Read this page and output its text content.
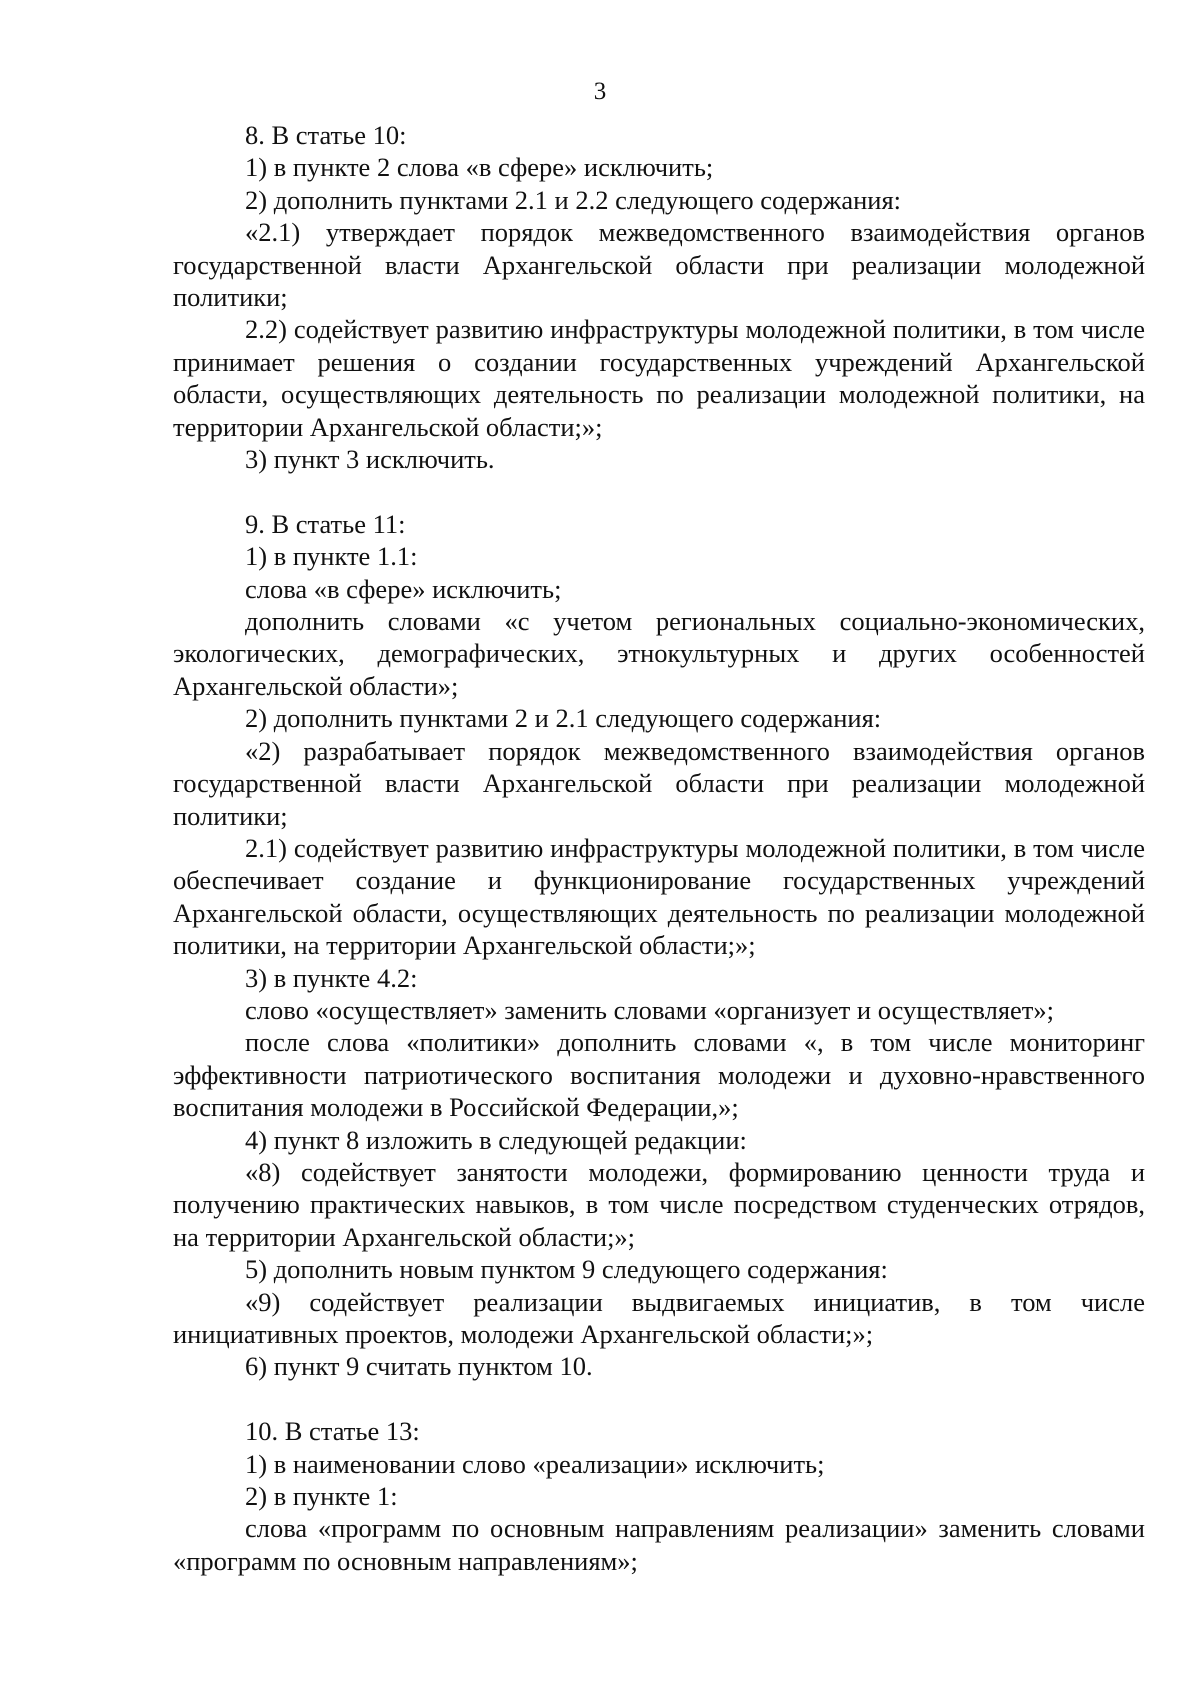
3

8. В статье 10:

1) в пункте 2 слова «в сфере» исключить;

2) дополнить пунктами 2.1 и 2.2 следующего содержания:

«2.1) утверждает порядок межведомственного взаимодействия органов государственной власти Архангельской области при реализации молодежной политики;

2.2) содействует развитию инфраструктуры молодежной политики, в том числе принимает решения о создании государственных учреждений Архангельской области, осуществляющих деятельность по реализации молодежной политики, на территории Архангельской области;»;

3) пункт 3 исключить.

9. В статье 11:

1) в пункте 1.1:

слова «в сфере» исключить;

дополнить словами «с учетом региональных социально-экономических, экологических, демографических, этнокультурных и других особенностей Архангельской области»;

2) дополнить пунктами 2 и 2.1 следующего содержания:

«2) разрабатывает порядок межведомственного взаимодействия органов государственной власти Архангельской области при реализации молодежной политики;

2.1) содействует развитию инфраструктуры молодежной политики, в том числе обеспечивает создание и функционирование государственных учреждений Архангельской области, осуществляющих деятельность по реализации молодежной политики, на территории Архангельской области;»;

3) в пункте 4.2:

слово «осуществляет» заменить словами «организует и осуществляет»;

после слова «политики» дополнить словами «, в том числе мониторинг эффективности патриотического воспитания молодежи и духовно-нравственного воспитания молодежи в Российской Федерации,»;

4) пункт 8 изложить в следующей редакции:

«8) содействует занятости молодежи, формированию ценности труда и получению практических навыков, в том числе посредством студенческих отрядов, на территории Архангельской области;»;

5) дополнить новым пунктом 9 следующего содержания:

«9) содействует реализации выдвигаемых инициатив, в том числе инициативных проектов, молодежи Архангельской области;»;

6) пункт 9 считать пунктом 10.

10. В статье 13:

1) в наименовании слово «реализации» исключить;

2) в пункте 1:

слова «программ по основным направлениям реализации» заменить словами «программ по основным направлениям»;
